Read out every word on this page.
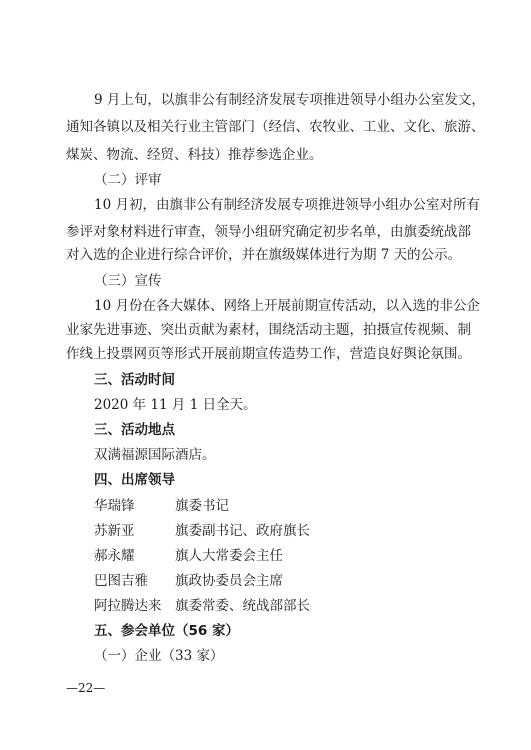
9 月上旬，以旗非公有制经济发展专项推进领导小组办公室发文，
通知各镇以及相关行业主管部门（经信、农牧业、工业、文化、旅游、
煤炭、物流、经贸、科技）推荐参选企业。
（二）评审
10 月初，由旗非公有制经济发展专项推进领导小组办公室对所有
参评对象材料进行审查，领导小组研究确定初步名单，由旗委统战部
对入选的企业进行综合评价，并在旗级媒体进行为期 7 天的公示。
（三）宣传
10 月份在各大媒体、网络上开展前期宣传活动，以入选的非公企
业家先进事迹、突出贡献为素材，围绕活动主题，拍摄宣传视频、制
作线上投票网页等形式开展前期宣传造势工作，营造良好舆论氛围。
三、活动时间
2020 年 11 月 1 日全天。
三、活动地点
双满福源国际酒店。
四、出席领导
华瑞锋	旗委书记
苏新亚	旗委副书记、政府旗长
郝永耀	旗人大常委会主任
巴图吉雅 旗政协委员会主席
阿拉腾达来 旗委常委、统战部部长
五、参会单位（56 家）
（一）企业（33 家）
—22—
